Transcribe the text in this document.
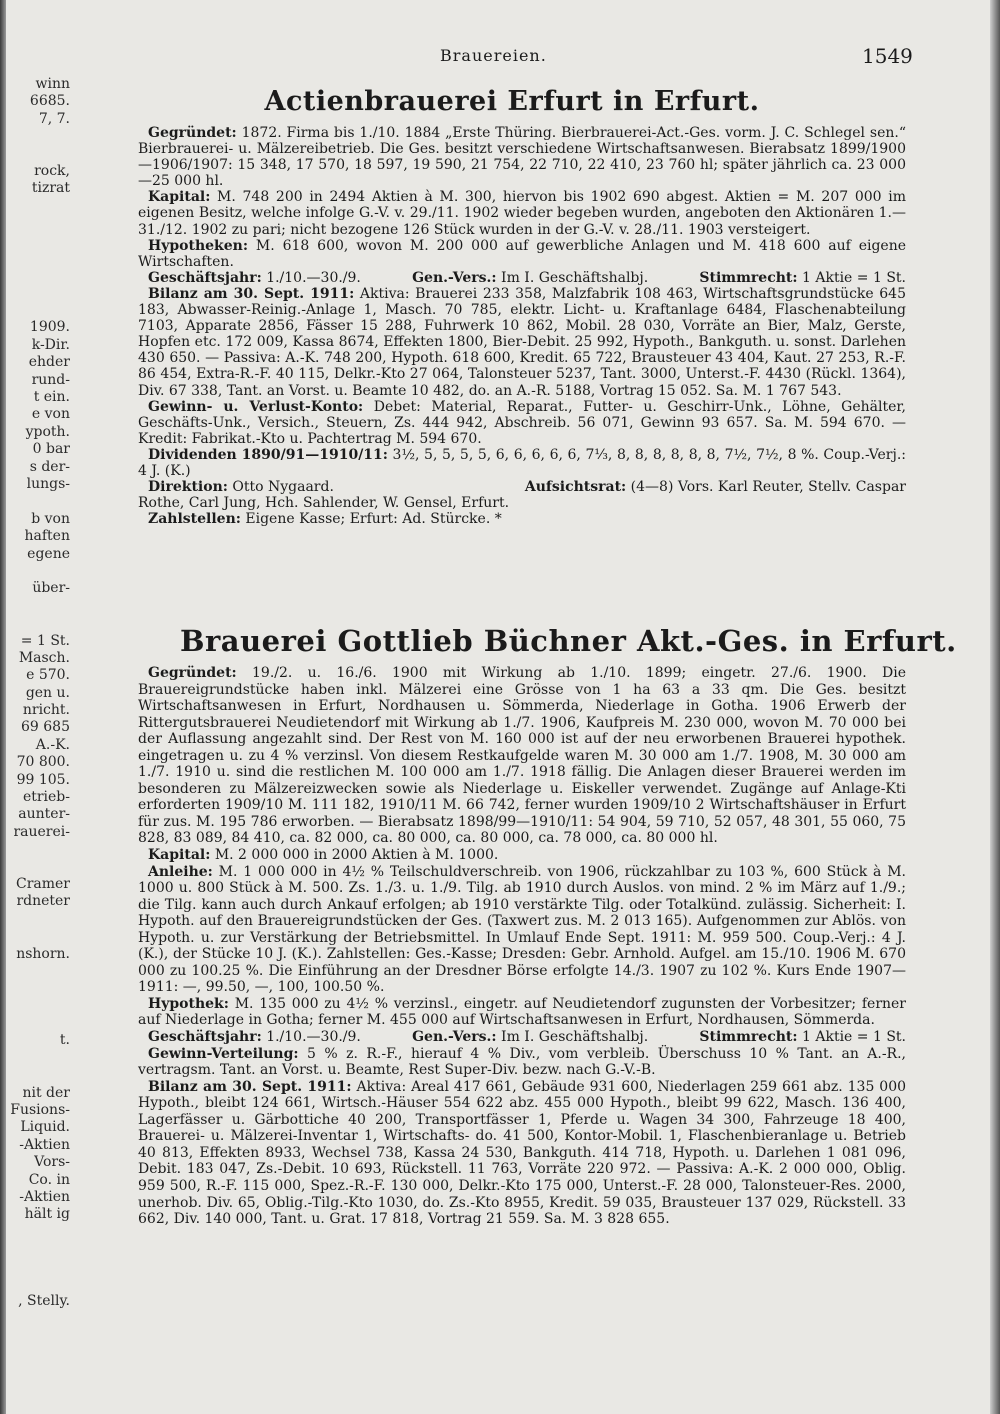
winn
6685.
7, 7.
rock,
tizrat
1909.
k-Dir.
ehder
rund-
t ein.
e von
ypoth.
0 bar
s der-
lungs-
b von
haften
egene
über-
= 1 St.
Masch.
e 570.
gen u.
nricht.
69 685
A.-K.
70 800.
99 105.
etrieb-
aunter-
rauerei-
Cramer
rdneter
nshorn.
t.
nit der
Fusions-
Liquid.
-Aktien
Vors-
Co. in
-Aktien
hält ig
, Stelly.
Brauereien.	1549
Actienbrauerei Erfurt in Erfurt.

Gegründet: 1872. Firma bis 1./10. 1884 „Erste Thüring. Bierbrauerei-Act.-Ges. vorm. J. C. Schlegel sen.“ Bierbrauerei- u. Mälzereibetrieb. Die Ges. besitzt verschiedene Wirtschaftsanwesen. Bierabsatz 1899/1900—1906/1907: 15 348, 17 570, 18 597, 19 590, 21 754, 22 710, 22 410, 23 760 hl; später jährlich ca. 23 000—25 000 hl.

Kapital: M. 748 200 in 2494 Aktien à M. 300, hiervon bis 1902 690 abgest. Aktien = M. 207 000 im eigenen Besitz, welche infolge G.-V. v. 29./11. 1902 wieder begeben wurden, angeboten den Aktionären 1.—31./12. 1902 zu pari; nicht bezogene 126 Stück wurden in der G.-V. v. 28./11. 1903 versteigert.

Hypotheken: M. 618 600, wovon M. 200 000 auf gewerbliche Anlagen und M. 418 600 auf eigene Wirtschaften.

Geschäftsjahr: 1./10.—30./9.	Gen.-Vers.: Im I. Geschäftshalbj.	Stimmrecht: 1 Aktie = 1 St.

Bilanz am 30. Sept. 1911: Aktiva: Brauerei 233 358, Malzfabrik 108 463, Wirtschaftsgrundstücke 645 183, Abwasser-Reinig.-Anlage 1, Masch. 70 785, elektr. Licht- u. Kraftanlage 6484, Flaschenabteilung 7103, Apparate 2856, Fässer 15 288, Fuhrwerk 10 862, Mobil. 28 030, Vorräte an Bier, Malz, Gerste, Hopfen etc. 172 009, Kassa 8674, Effekten 1800, Bier-Debit. 25 992, Hypoth., Bankguth. u. sonst. Darlehen 430 650. — Passiva: A.-K. 748 200, Hypoth. 618 600, Kredit. 65 722, Brausteuer 43 404, Kaut. 27 253, R.-F. 86 454, Extra-R.-F. 40 115, Delkr.-Kto 27 064, Talonsteuer 5237, Tant. 3000, Unterst.-F. 4430 (Rückl. 1364), Div. 67 338, Tant. an Vorst. u. Beamte 10 482, do. an A.-R. 5188, Vortrag 15 052. Sa. M. 1 767 543.

Gewinn- u. Verlust-Konto: Debet: Material, Reparat., Futter- u. Geschirr-Unk., Löhne, Gehälter, Geschäfts-Unk., Versich., Steuern, Zs. 444 942, Abschreib. 56 071, Gewinn 93 657. Sa. M. 594 670. — Kredit: Fabrikat.-Kto u. Pachtertrag M. 594 670.

Dividenden 1890/91—1910/11: 3½, 5, 5, 5, 5, 6, 6, 6, 6, 6, 7⅓, 8, 8, 8, 8, 8, 8, 7½, 7½, 8 %. Coup.-Verj.: 4 J. (K.)

Direktion: Otto Nygaard.	Aufsichtsrat: (4—8) Vors. Karl Reuter, Stellv. Caspar

Rothe, Carl Jung, Hch. Sahlender, W. Gensel, Erfurt.

Zahlstellen: Eigene Kasse; Erfurt: Ad. Stürcke. *

Brauerei Gottlieb Büchner Akt.-Ges. in Erfurt.

Gegründet: 19./2. u. 16./6. 1900 mit Wirkung ab 1./10. 1899; eingetr. 27./6. 1900. Die Brauereigrundstücke haben inkl. Mälzerei eine Grösse von 1 ha 63 a 33 qm. Die Ges. besitzt Wirtschaftsanwesen in Erfurt, Nordhausen u. Sömmerda, Niederlage in Gotha. 1906 Erwerb der Rittergutsbrauerei Neudietendorf mit Wirkung ab 1./7. 1906, Kaufpreis M. 230 000, wovon M. 70 000 bei der Auflassung angezahlt sind. Der Rest von M. 160 000 ist auf der neu erworbenen Brauerei hypothek. eingetragen u. zu 4 % verzinsl. Von diesem Restkaufgelde waren M. 30 000 am 1./7. 1908, M. 30 000 am 1./7. 1910 u. sind die restlichen M. 100 000 am 1./7. 1918 fällig. Die Anlagen dieser Brauerei werden im besonderen zu Mälzereizwecken sowie als Niederlage u. Eiskeller verwendet. Zugänge auf Anlage-Kti erforderten 1909/10 M. 111 182, 1910/11 M. 66 742, ferner wurden 1909/10 2 Wirtschaftshäuser in Erfurt für zus. M. 195 786 erworben. — Bierabsatz 1898/99—1910/11: 54 904, 59 710, 52 057, 48 301, 55 060, 75 828, 83 089, 84 410, ca. 82 000, ca. 80 000, ca. 80 000, ca. 78 000, ca. 80 000 hl.

Kapital: M. 2 000 000 in 2000 Aktien à M. 1000.

Anleihe: M. 1 000 000 in 4½ % Teilschuldverschreib. von 1906, rückzahlbar zu 103 %, 600 Stück à M. 1000 u. 800 Stück à M. 500. Zs. 1./3. u. 1./9. Tilg. ab 1910 durch Auslos. von mind. 2 % im März auf 1./9.; die Tilg. kann auch durch Ankauf erfolgen; ab 1910 verstärkte Tilg. oder Totalkünd. zulässig. Sicherheit: I. Hypoth. auf den Brauereigrundstücken der Ges. (Taxwert zus. M. 2 013 165). Aufgenommen zur Ablös. von Hypoth. u. zur Verstärkung der Betriebsmittel. In Umlauf Ende Sept. 1911: M. 959 500. Coup.-Verj.: 4 J. (K.), der Stücke 10 J. (K.). Zahlstellen: Ges.-Kasse; Dresden: Gebr. Arnhold. Aufgel. am 15./10. 1906 M. 670 000 zu 100.25 %. Die Einführung an der Dresdner Börse erfolgte 14./3. 1907 zu 102 %. Kurs Ende 1907—1911: —, 99.50, —, 100, 100.50 %.

Hypothek: M. 135 000 zu 4½ % verzinsl., eingetr. auf Neudietendorf zugunsten der Vorbesitzer; ferner auf Niederlage in Gotha; ferner M. 455 000 auf Wirtschaftsanwesen in Erfurt, Nordhausen, Sömmerda.

Geschäftsjahr: 1./10.—30./9.	Gen.-Vers.: Im I. Geschäftshalbj.	Stimmrecht: 1 Aktie = 1 St.

Gewinn-Verteilung: 5 % z. R.-F., hierauf 4 % Div., vom verbleib. Überschuss 10 % Tant. an A.-R., vertragsm. Tant. an Vorst. u. Beamte, Rest Super-Div. bezw. nach G.-V.-B.

Bilanz am 30. Sept. 1911: Aktiva: Areal 417 661, Gebäude 931 600, Niederlagen 259 661 abz. 135 000 Hypoth., bleibt 124 661, Wirtsch.-Häuser 554 622 abz. 455 000 Hypoth., bleibt 99 622, Masch. 136 400, Lagerfässer u. Gärbottiche 40 200, Transportfässer 1, Pferde u. Wagen 34 300, Fahrzeuge 18 400, Brauerei- u. Mälzerei-Inventar 1, Wirtschafts- do. 41 500, Kontor-Mobil. 1, Flaschenbieranlage u. Betrieb 40 813, Effekten 8933, Wechsel 738, Kassa 24 530, Bankguth. 414 718, Hypoth. u. Darlehen 1 081 096, Debit. 183 047, Zs.-Debit. 10 693, Rückstell. 11 763, Vorräte 220 972. — Passiva: A.-K. 2 000 000, Oblig. 959 500, R.-F. 115 000, Spez.-R.-F. 130 000, Delkr.-Kto 175 000, Unterst.-F. 28 000, Talonsteuer-Res. 2000, unerhob. Div. 65, Oblig.-Tilg.-Kto 1030, do. Zs.-Kto 8955, Kredit. 59 035, Brausteuer 137 029, Rückstell. 33 662, Div. 140 000, Tant. u. Grat. 17 818, Vortrag 21 559. Sa. M. 3 828 655.
